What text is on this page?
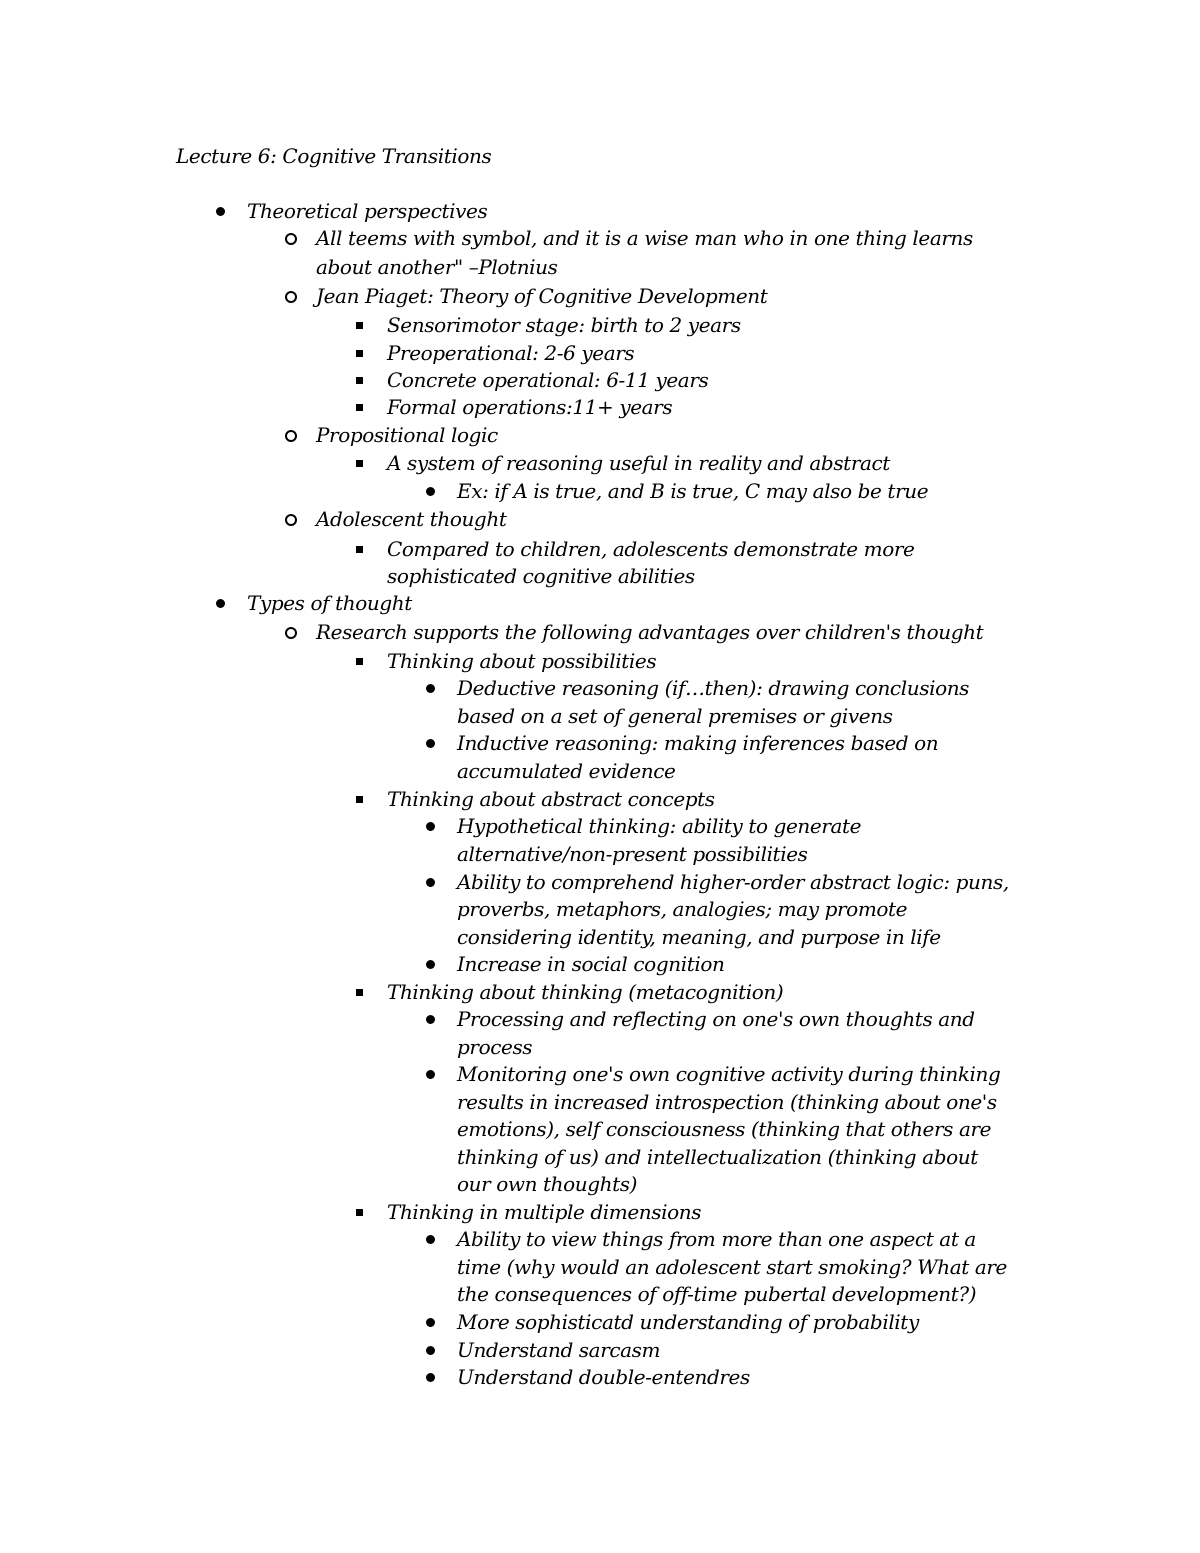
Lecture 6: Cognitive Transitions
Theoretical perspectives
All teems with symbol, and it is a wise man who in one thing learns
about another" –Plotnius
Jean Piaget: Theory of Cognitive Development
Sensorimotor stage: birth to 2 years
Preoperational: 2-6 years
Concrete operational: 6-11 years
Formal operations:11+ years
Propositional logic
A system of reasoning useful in reality and abstract
Ex: if A is true, and B is true, C may also be true
Adolescent thought
Compared to children, adolescents demonstrate more
sophisticated cognitive abilities
Types of thought
Research supports the following advantages over children's thought
Thinking about possibilities
Deductive reasoning (if…then): drawing conclusions
based on a set of general premises or givens
Inductive reasoning: making inferences based on
accumulated evidence
Thinking about abstract concepts
Hypothetical thinking: ability to generate
alternative/non-present possibilities
Ability to comprehend higher-order abstract logic: puns,
proverbs, metaphors, analogies; may promote
considering identity, meaning, and purpose in life
Increase in social cognition
Thinking about thinking (metacognition)
Processing and reflecting on one's own thoughts and
process
Monitoring one's own cognitive activity during thinking
results in increased introspection (thinking about one's
emotions), self consciousness (thinking that others are
thinking of us) and intellectualization (thinking about
our own thoughts)
Thinking in multiple dimensions
Ability to view things from more than one aspect at a
time (why would an adolescent start smoking? What are
the consequences of off-time pubertal development?)
More sophisticatd understanding of probability
Understand sarcasm
Understand double-entendres
